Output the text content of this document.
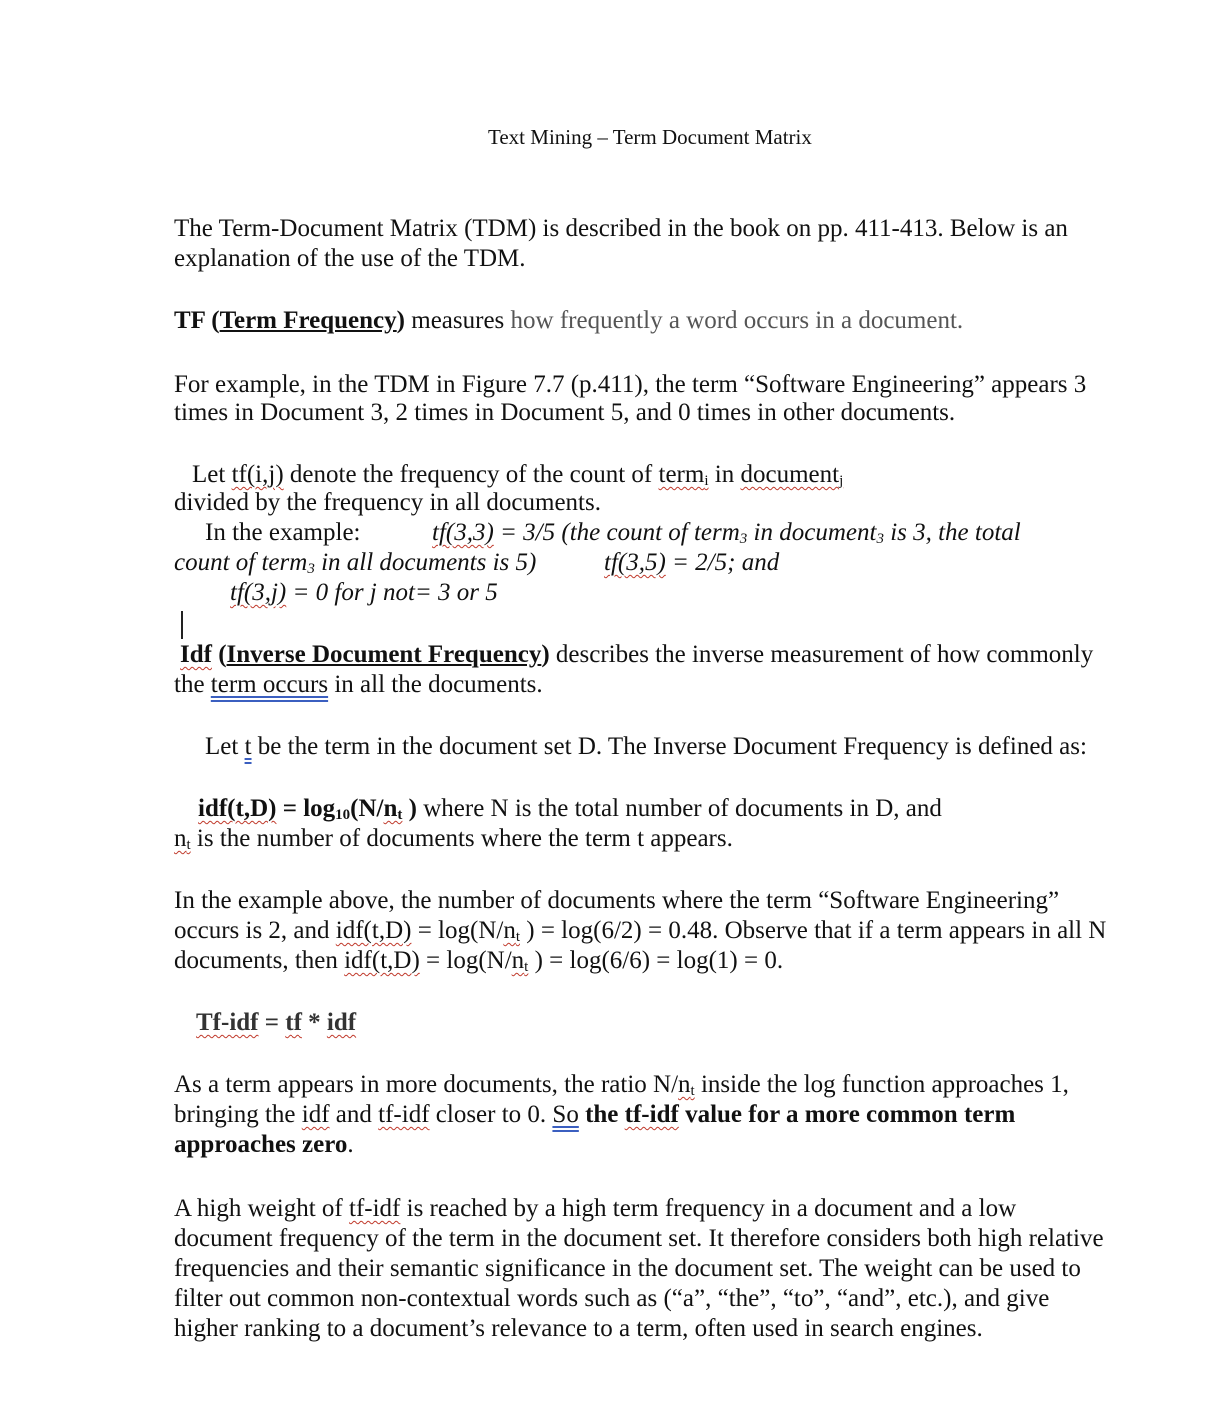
Text Mining – Term Document Matrix
The Term-Document Matrix (TDM) is described in the book on pp. 411-413. Below is an
explanation of the use of the TDM.
TF (Term Frequency) measures how frequently a word occurs in a document.
For example, in the TDM in Figure 7.7 (p.411), the term “Software Engineering” appears 3
times in Document 3, 2 times in Document 5, and 0 times in other documents.
Let tf(i,j) denote the frequency of the count of term$_i$ in document$_j$
divided by the frequency in all documents.
In the example:	tf(3,3) = 3/5 (the count of term$_3$ in document$_3$ is 3, the total
count of term$_3$ in all documents is 5)	tf(3,5) = 2/5; and
tf(3,j) = 0 for j not= 3 or 5
Idf (Inverse Document Frequency) describes the inverse measurement of how commonly
the term occurs in all the documents.
Let t be the term in the document set D. The Inverse Document Frequency is defined as:
$idf(t,D) = \log_{10}(N/n_t$ ) where N is the total number of documents in D, and
$n_t$ is the number of documents where the term t appears.
In the example above, the number of documents where the term “Software Engineering”
occurs is 2, and $idf(t,D) = \log(N/n_t$ ) = log(6/2) = 0.48. Observe that if a term appears in all N
documents, then $idf(t,D) = \log(N/n_t$ ) = log(6/6) = log(1) = 0.
Tf-idf = tf * idf
As a term appears in more documents, the ratio $N/n_t$ inside the log function approaches 1,
bringing the idf and tf-idf closer to 0. So the tf-idf value for a more common term
approaches zero.
A high weight of tf-idf is reached by a high term frequency in a document and a low
document frequency of the term in the document set. It therefore considers both high relative
frequencies and their semantic significance in the document set. The weight can be used to
filter out common non-contextual words such as (“a”, “the”, “to”, “and”, etc.), and give
higher ranking to a document’s relevance to a term, often used in search engines.
